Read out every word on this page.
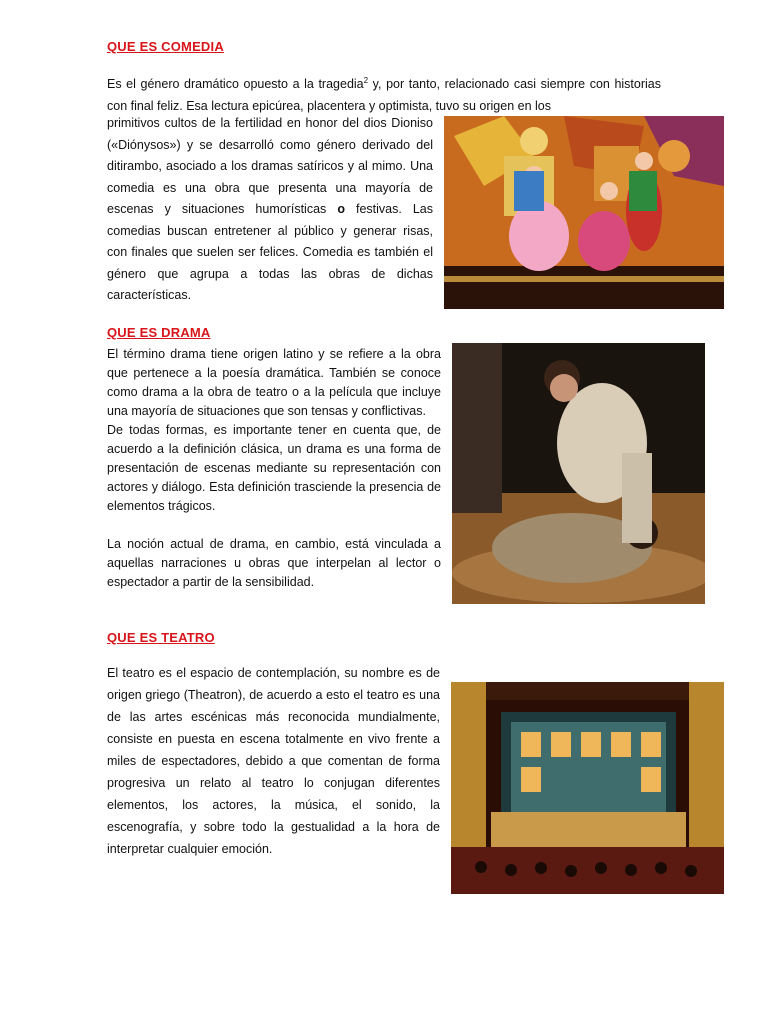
QUE ES COMEDIA

Es el género dramático opuesto a la tragedia$^2$ y, por tanto, relacionado casi siempre con historias con final feliz. Esa lectura epicúrea, placentera y optimista, tuvo su origen en los

primitivos cultos de la fertilidad en honor del dios Dioniso («Diónysos») y se desarrolló como género derivado del ditirambo, asociado a los dramas satíricos y al mimo. Una comedia es una obra que presenta una mayoría de escenas y situaciones humorísticas o festivas. Las comedias buscan entretener al público y generar risas, con finales que suelen ser felices. Comedia es también el género que agrupa a todas las obras de dichas características.

QUE ES DRAMA

El término drama tiene origen latino y se refiere a la obra que pertenece a la poesía dramática. También se conoce como drama a la obra de teatro o a la película que incluye una mayoría de situaciones que son tensas y conflictivas.

De todas formas, es importante tener en cuenta que, de acuerdo a la definición clásica, un drama es una forma de presentación de escenas mediante su representación con actores y diálogo. Esta definición trasciende la presencia de elementos trágicos.

La noción actual de drama, en cambio, está vinculada a aquellas narraciones u obras que interpelan al lector o espectador a partir de la sensibilidad.

QUE ES TEATRO

El teatro es el espacio de contemplación, su nombre es de origen griego (Theatron), de acuerdo a esto el teatro es una de las artes escénicas más reconocida mundialmente, consiste en puesta en escena totalmente en vivo frente a miles de espectadores, debido a que comentan de forma progresiva un relato al teatro lo conjugan diferentes elementos, los actores, la música, el sonido, la escenografía, y sobre todo la gestualidad a la hora de interpretar cualquier emoción.
